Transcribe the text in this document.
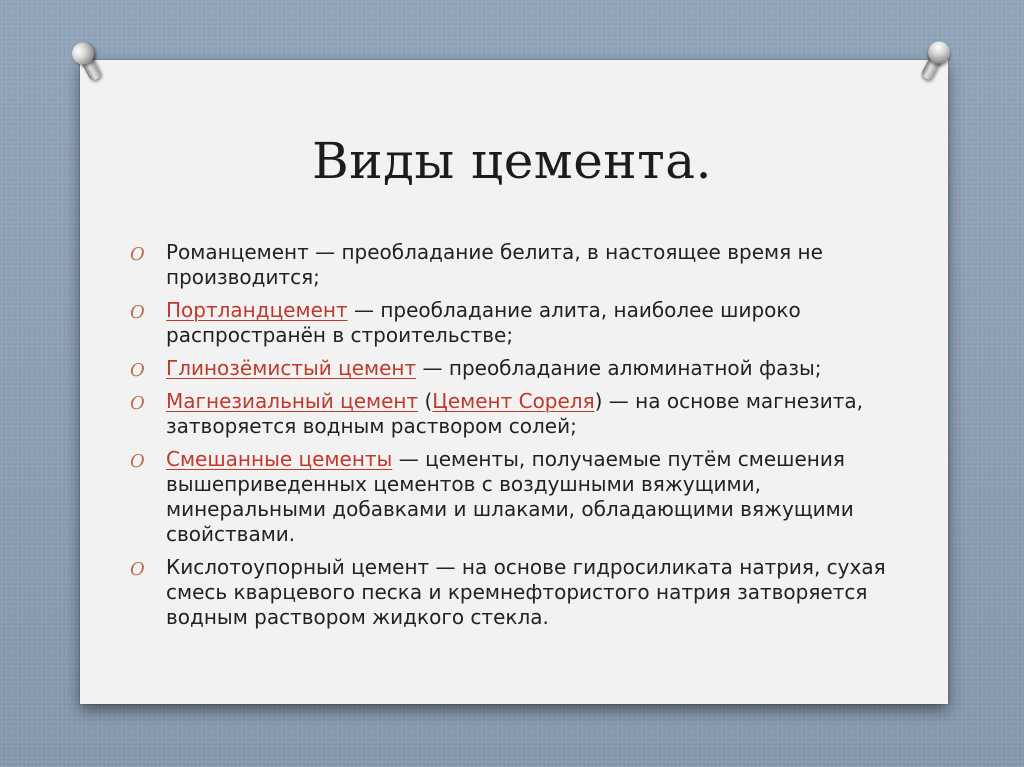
Виды цемента.
O Романцемент — преобладание белита, в настоящее время не производится;
O Портландцемент — преобладание алита, наиболее широко распространён в строительстве;
O Глинозёмистый цемент — преобладание алюминатной фазы;
O Магнезиальный цемент (Цемент Сореля) — на основе магнезита, затворяется водным раствором солей;
O Смешанные цементы — цементы, получаемые путём смешения вышеприведенных цементов с воздушными вяжущими, минеральными добавками и шлаками, обладающими вяжущими свойствами.
O Кислотоупорный цемент — на основе гидросиликата натрия, сухая смесь кварцевого песка и кремнефтористого натрия затворяется водным раствором жидкого стекла.
